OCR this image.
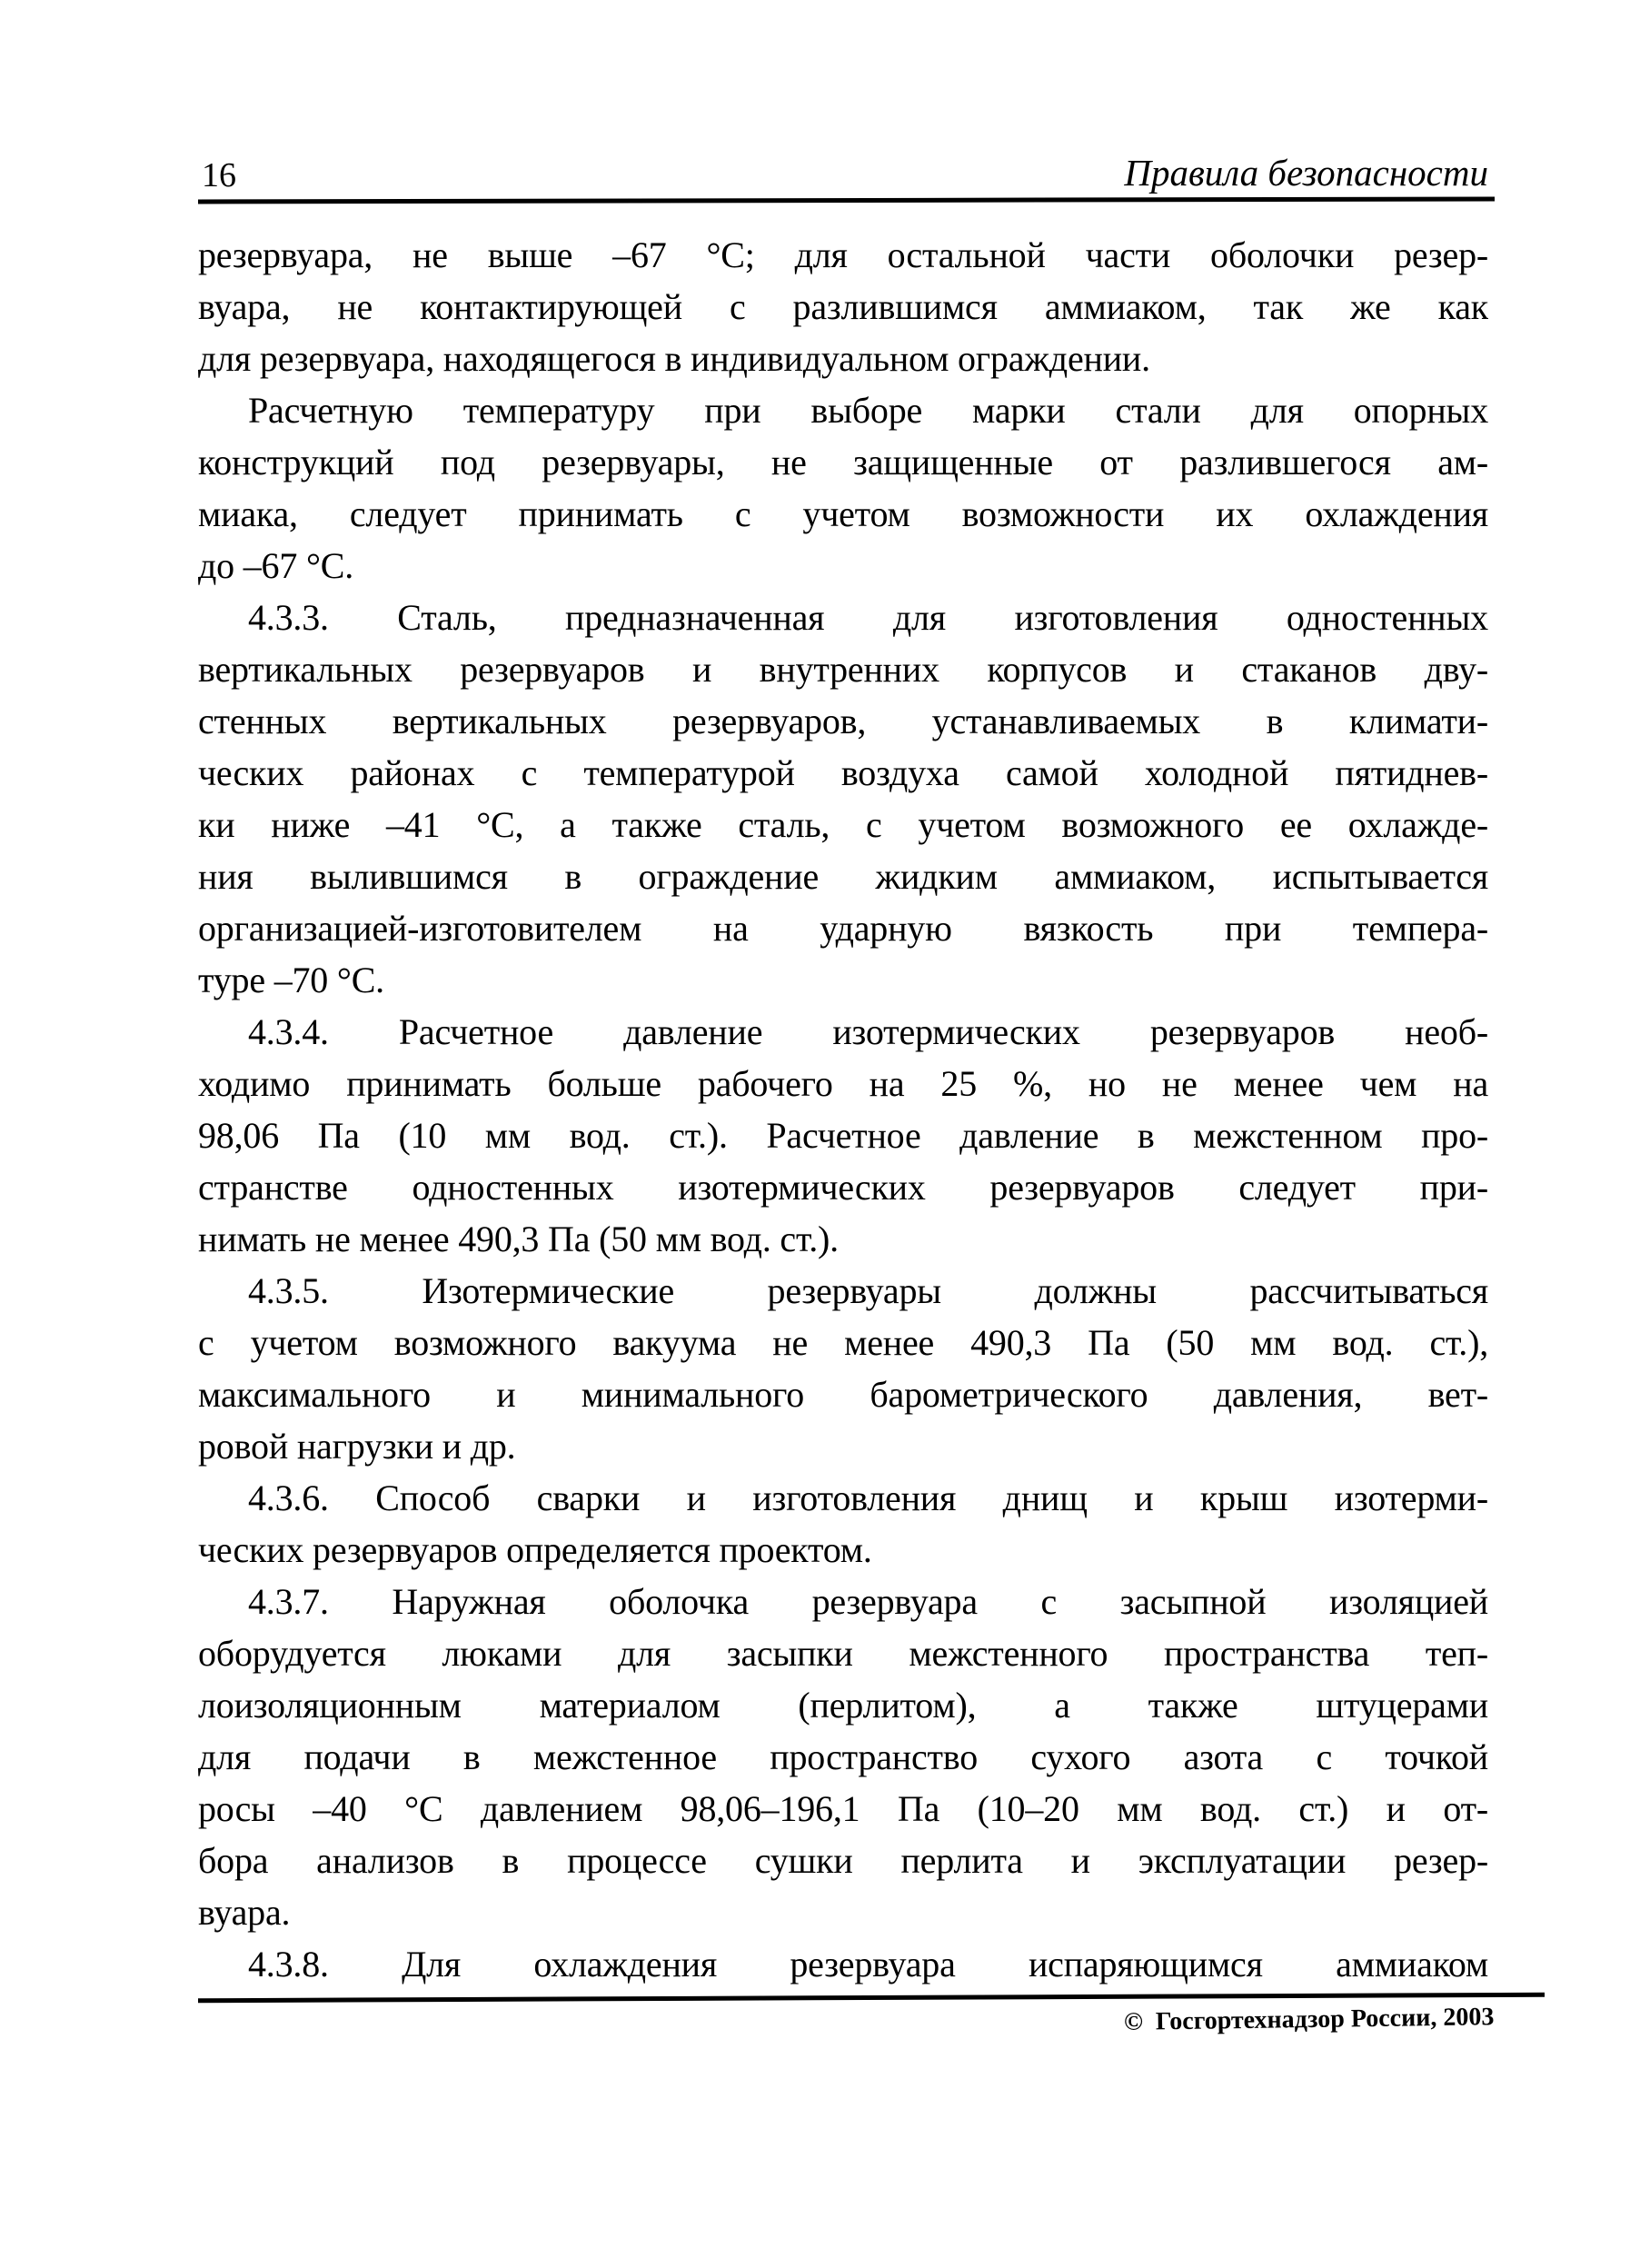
16	Правила безопасности
резервуара, не выше –67 °С; для остальной части оболочки резер-
вуара, не контактирующей с разлившимся аммиаком, так же как
для резервуара, находящегося в индивидуальном ограждении.
Расчетную температуру при выборе марки стали для опорных
конструкций под резервуары, не защищенные от разлившегося ам-
миака, следует принимать с учетом возможности их охлаждения
до –67 °С.
4.3.3. Сталь, предназначенная для изготовления одностенных
вертикальных резервуаров и внутренних корпусов и стаканов дву-
стенных вертикальных резервуаров, устанавливаемых в климати-
ческих районах с температурой воздуха самой холодной пятиднев-
ки ниже –41 °С, а также сталь, с учетом возможного ее охлажде-
ния вылившимся в ограждение жидким аммиаком, испытывается
организацией-изготовителем на ударную вязкость при темпера-
туре –70 °С.
4.3.4. Расчетное давление изотермических резервуаров необ-
ходимо принимать больше рабочего на 25 %, но не менее чем на
98,06 Па (10 мм вод. ст.). Расчетное давление в межстенном про-
странстве одностенных изотермических резервуаров следует при-
нимать не менее 490,3 Па (50 мм вод. ст.).
4.3.5. Изотермические резервуары должны рассчитываться
с учетом возможного вакуума не менее 490,3 Па (50 мм вод. ст.),
максимального и минимального барометрического давления, вет-
ровой нагрузки и др.
4.3.6. Способ сварки и изготовления днищ и крыш изотерми-
ческих резервуаров определяется проектом.
4.3.7. Наружная оболочка резервуара с засыпной изоляцией
оборудуется люками для засыпки межстенного пространства теп-
лоизоляционным материалом (перлитом), а также штуцерами
для подачи в межстенное пространство сухого азота с точкой
росы –40 °С давлением 98,06–196,1 Па (10–20 мм вод. ст.) и от-
бора анализов в процессе сушки перлита и эксплуатации резер-
вуара.
4.3.8. Для охлаждения резервуара испаряющимся аммиаком
© Госгортехнадзор России, 2003
